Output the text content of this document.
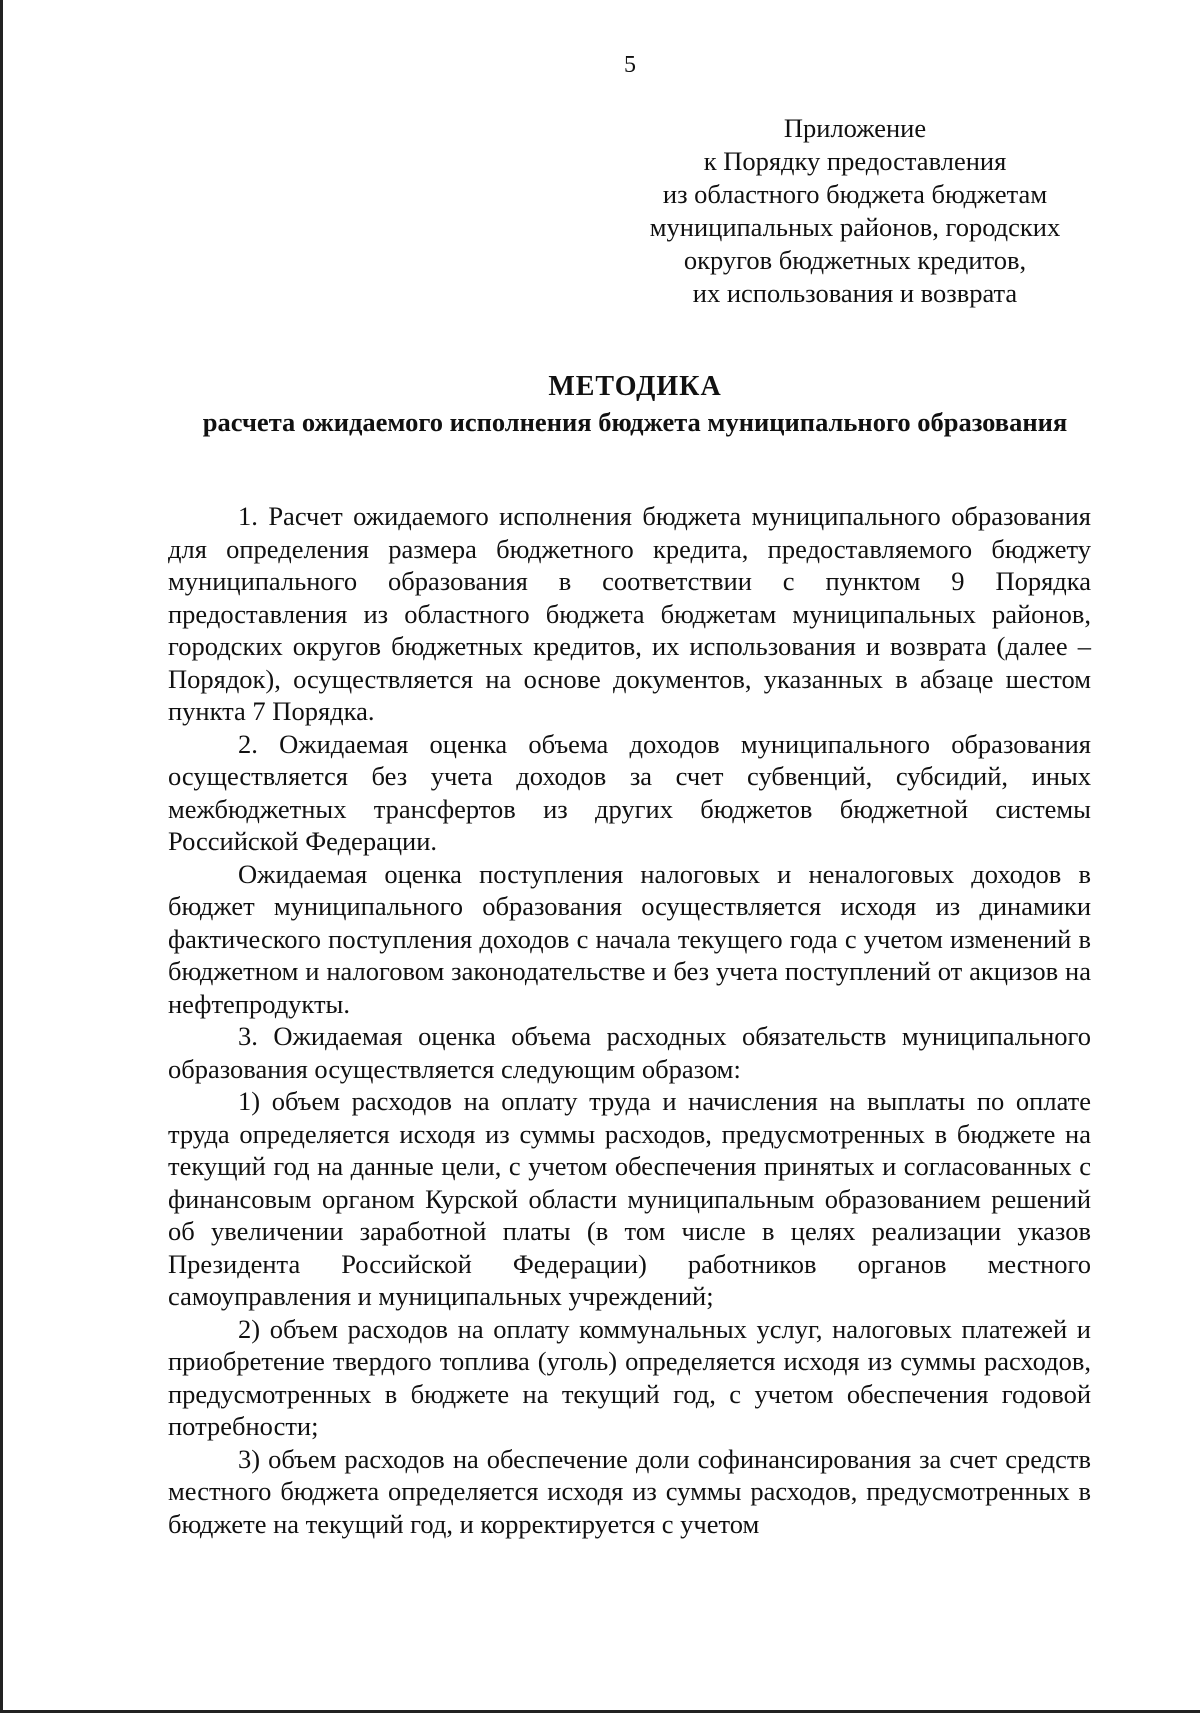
5
Приложение
к Порядку предоставления
из областного бюджета бюджетам
муниципальных районов, городских
округов бюджетных кредитов,
их использования и возврата
МЕТОДИКА
расчета ожидаемого исполнения бюджета муниципального образования

1. Расчет ожидаемого исполнения бюджета муниципального образования для определения размера бюджетного кредита, предоставляемого бюджету муниципального образования в соответствии с пунктом 9 Порядка предоставления из областного бюджета бюджетам муниципальных районов, городских округов бюджетных кредитов, их использования и возврата (далее – Порядок), осуществляется на основе документов, указанных в абзаце шестом пункта 7 Порядка.

2. Ожидаемая оценка объема доходов муниципального образования осуществляется без учета доходов за счет субвенций, субсидий, иных межбюджетных трансфертов из других бюджетов бюджетной системы Российской Федерации.

Ожидаемая оценка поступления налоговых и неналоговых доходов в бюджет муниципального образования осуществляется исходя из динамики фактического поступления доходов с начала текущего года с учетом изменений в бюджетном и налоговом законодательстве и без учета поступлений от акцизов на нефтепродукты.

3. Ожидаемая оценка объема расходных обязательств муниципального образования осуществляется следующим образом:

1) объем расходов на оплату труда и начисления на выплаты по оплате труда определяется исходя из суммы расходов, предусмотренных в бюджете на текущий год на данные цели, с учетом обеспечения принятых и согласованных с финансовым органом Курской области муниципальным образованием решений об увеличении заработной платы (в том числе в целях реализации указов Президента Российской Федерации) работников органов местного самоуправления и муниципальных учреждений;

2) объем расходов на оплату коммунальных услуг, налоговых платежей и приобретение твердого топлива (уголь) определяется исходя из суммы расходов, предусмотренных в бюджете на текущий год, с учетом обеспечения годовой потребности;

3) объем расходов на обеспечение доли софинансирования за счет средств местного бюджета определяется исходя из суммы расходов, предусмотренных в бюджете на текущий год, и корректируется с учетом
